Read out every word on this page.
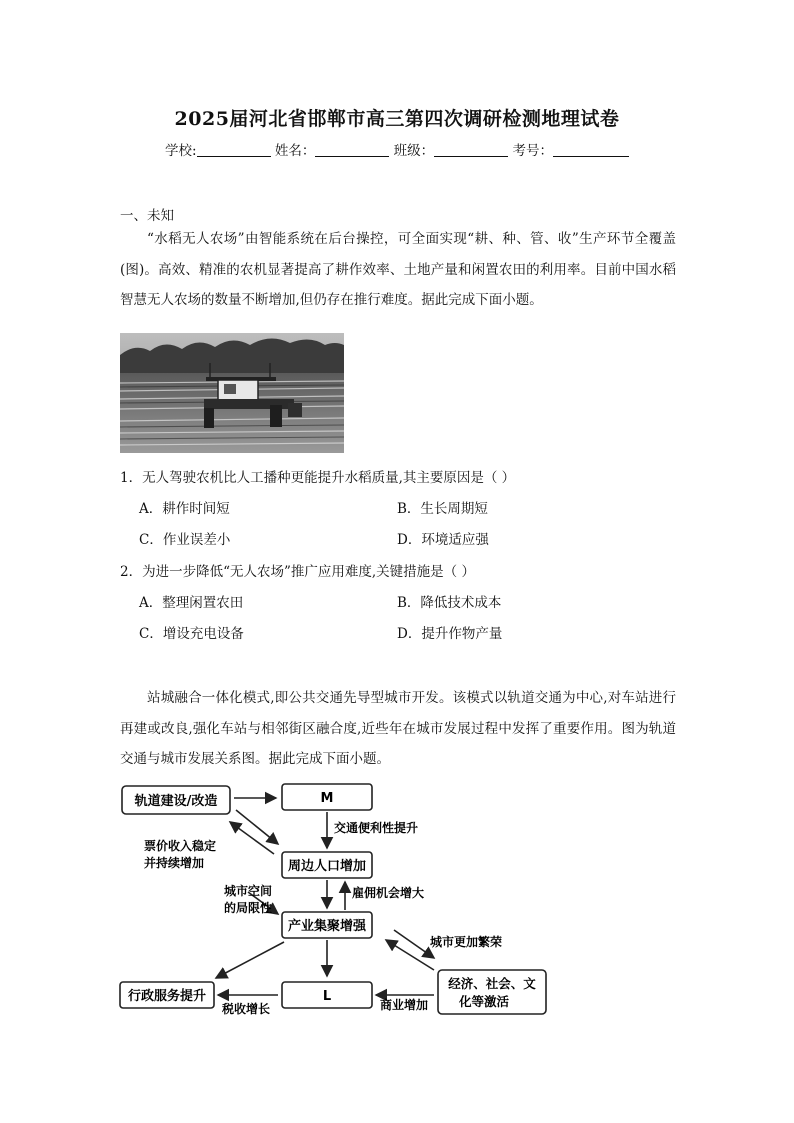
2025届河北省邯郸市高三第四次调研检测地理试卷
学校:	姓名：	班级：	考号：
一、未知
“水稻无人农场”由智能系统在后台操控，可全面实现“耕、种、管、收”生产环节全覆盖(图)。高效、精准的农机显著提高了耕作效率、土地产量和闲置农田的利用率。目前中国水稻智慧无人农场的数量不断增加,但仍存在推行难度。据此完成下面小题。
1．无人驾驶农机比人工播种更能提升水稻质量,其主要原因是（ ）
A．耕作时间短	B．生长周期短
C．作业误差小	D．环境适应强
2．为进一步降低“无人农场”推广应用难度,关键措施是（ ）
A．整理闲置农田	B．降低技术成本
C．增设充电设备	D．提升作物产量
站城融合一体化模式,即公共交通先导型城市开发。该模式以轨道交通为中心,对车站进行再建或改良,强化车站与相邻街区融合度,近些年在城市发展过程中发挥了重要作用。图为轨道交通与城市发展关系图。据此完成下面小题。
轨道建设/改造	M
周边人口增加
产业集聚增强
L
行政服务提升
经济、社会、文
化等激活
交通便利性提升
票价收入稳定
并持续增加
城市空间
的局限性
雇佣机会增大
城市更加繁荣
税收增长	商业增加
